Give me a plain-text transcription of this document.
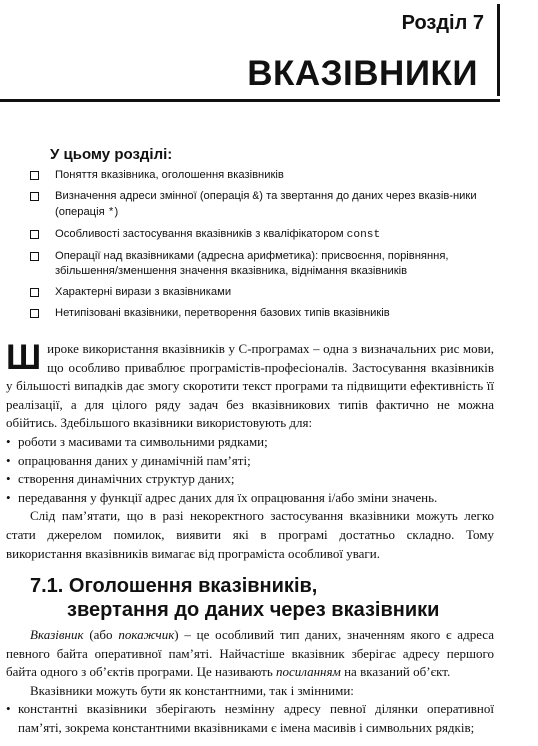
Розділ 7
ВКАЗІВНИКИ
У цьому розділі:
Поняття вказівника, оголошення вказівників
Визначення адреси змінної (операція &) та звертання до даних через вказів-ники (операція *)
Особливості застосування вказівників з кваліфікатором const
Операції над вказівниками (адресна арифметика): присвоєння, порівняння, збільшення/зменшення значення вказівника, віднімання вказівників
Характерні вирази з вказівниками
Нетипізовані вказівники, перетворення базових типів вказівників
Широке використання вказівників у С-програмах – одна з визначальних рис мови, що особливо приваблює програмістів-професіоналів. Застосування вказівників у більшості випадків дає змогу скоротити текст програми та підвищити ефективність її реалізації, а для цілого ряду задач без вказівникових типів фактично не можна обійтись. Здебільшого вказівники використовують для:
• роботи з масивами та символьними рядками;
• опрацювання даних у динамічній пам’яті;
• створення динамічних структур даних;
• передавання у функції адрес даних для їх опрацювання і/або зміни значень.
Слід пам’ятати, що в разі некоректного застосування вказівники можуть легко стати джерелом помилок, виявити які в програмі достатньо складно. Тому використання вказівників вимагає від програміста особливої уваги.
7.1. Оголошення вказівників,
звертання до даних через вказівники
Вказівник (або покажчик) – це особливий тип даних, значенням якого є адреса певного байта оперативної пам’яті. Найчастіше вказівник зберігає адресу першого байта одного з об’єктів програми. Це називають посиланням на вказаний об’єкт.
Вказівники можуть бути як константними, так і змінними:
• константні вказівники зберігають незмінну адресу певної ділянки оперативної пам’яті, зокрема константними вказівниками є імена масивів і символьних рядків;
